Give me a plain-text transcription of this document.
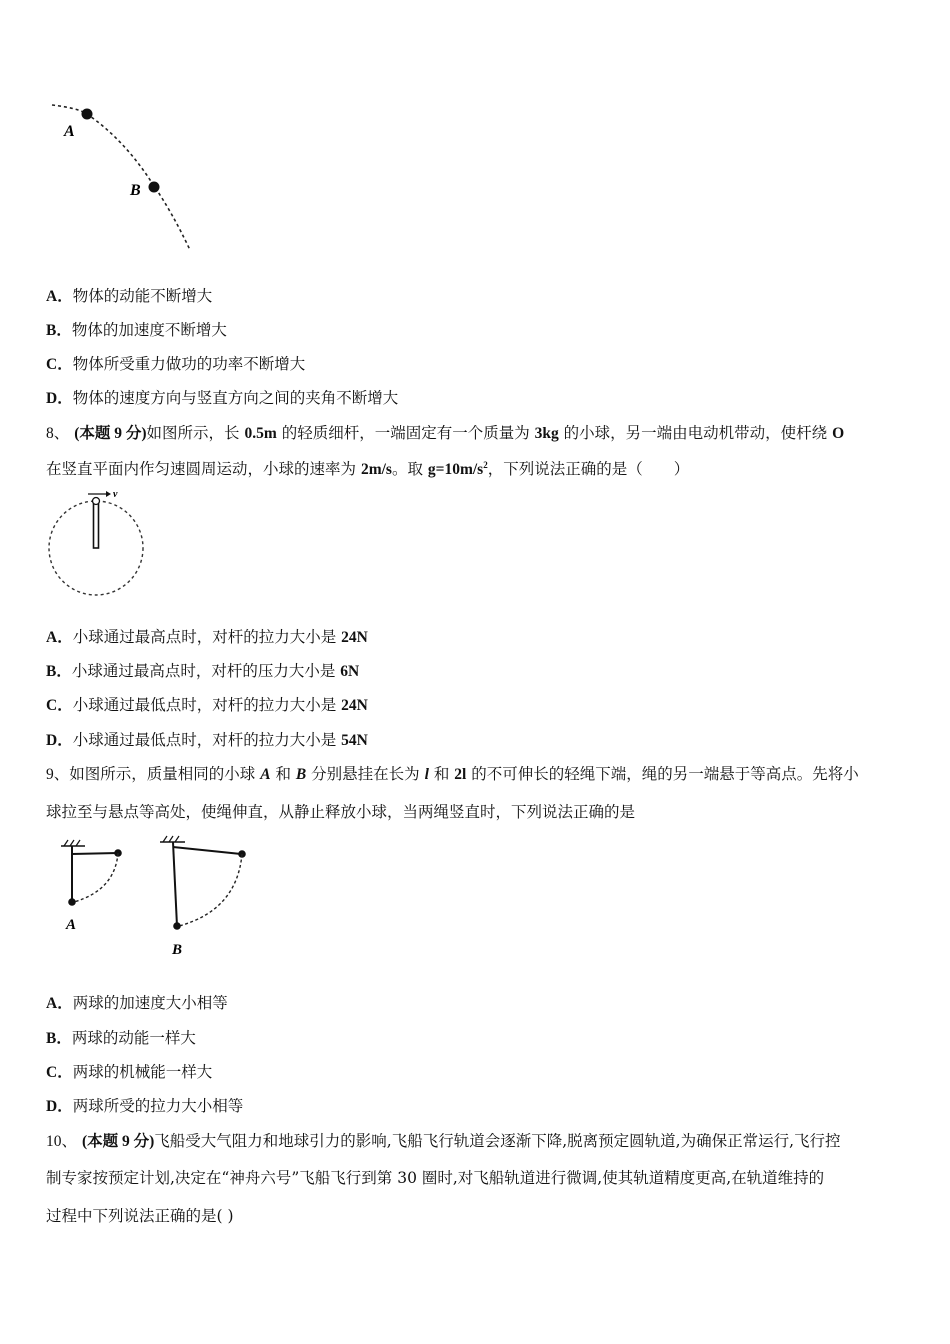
A
B
A．物体的动能不断增大
B．物体的加速度不断增大
C．物体所受重力做功的功率不断增大
D．物体的速度方向与竖直方向之间的夹角不断增大
8、 (本题 9 分)如图所示，长 0.5m 的轻质细杆，一端固定有一个质量为 3kg 的小球，另一端由电动机带动，使杆绕 O
在竖直平面内作匀速圆周运动，小球的速率为 2m/s。取 $g=10m/s^2$，下列说法正确的是（　　）
v
A．小球通过最高点时，对杆的拉力大小是 24N
B．小球通过最高点时，对杆的压力大小是 6N
C．小球通过最低点时，对杆的拉力大小是 24N
D．小球通过最低点时，对杆的拉力大小是 54N
9、如图所示，质量相同的小球 A 和 B 分别悬挂在长为 l 和 2l 的不可伸长的轻绳下端，绳的另一端悬于等高点。先将小
球拉至与悬点等高处，使绳伸直，从静止释放小球，当两绳竖直时，下列说法正确的是
A
B
A．两球的加速度大小相等
B．两球的动能一样大
C．两球的机械能一样大
D．两球所受的拉力大小相等
10、 (本题 9 分)飞船受大气阻力和地球引力的影响,飞船飞行轨道会逐渐下降,脱离预定圆轨道,为确保正常运行,飞行控
制专家按预定计划,决定在“神舟六号”飞船飞行到第 30 圈时,对飞船轨道进行微调,使其轨道精度更高,在轨道维持的
过程中下列说法正确的是( )
